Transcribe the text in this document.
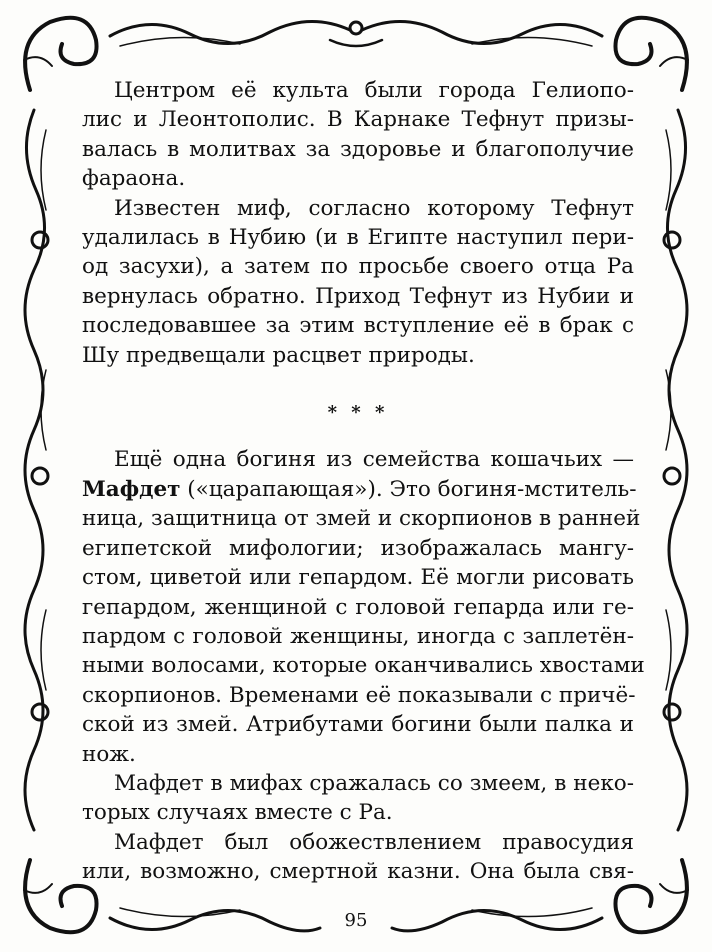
Центром её культа были города Гелиопо-
лис и Леонтополис. В Карнаке Тефнут призы-
валась в молитвах за здоровье и благополучие
фараона.

Известен миф, согласно которому Тефнут
удалилась в Нубию (и в Египте наступил пери-
од засухи), а затем по просьбе своего отца Ра
вернулась обратно. Приход Тефнут из Нубии и
последовавшее за этим вступление её в брак с
Шу предвещали расцвет природы.

* * *

Ещё одна богиня из семейства кошачьих —
Мафдет («царапающая»). Это богиня-мститель-
ница, защитница от змей и скорпионов в ранней
египетской мифологии; изображалась мангу-
стом, циветой или гепардом. Её могли рисовать
гепардом, женщиной с головой гепарда или ге-
пардом с головой женщины, иногда с заплетён-
ными волосами, которые оканчивались хвостами
скорпионов. Временами её показывали с причё-
ской из змей. Атрибутами богини были палка и
нож.

Мафдет в мифах сражалась со змеем, в неко-
торых случаях вместе с Ра.

Мафдет был обожествлением правосудия
или, возможно, смертной казни. Она была свя-

95
